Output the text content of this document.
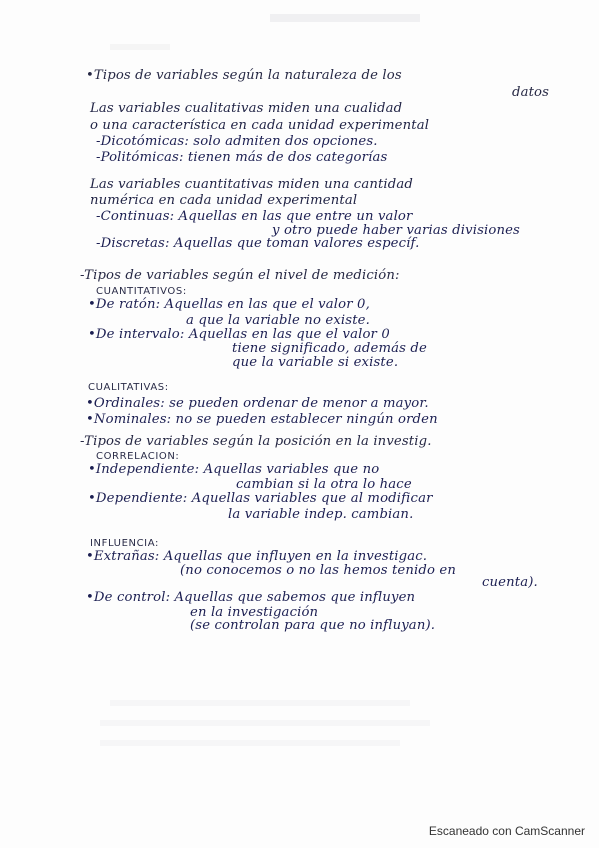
•Tipos de variables según la naturaleza de los
datos
Las variables cualitativas miden una cualidad
o una característica en cada unidad experimental
-Dicotómicas: solo admiten dos opciones.
-Politómicas: tienen más de dos categorías
Las variables cuantitativas miden una cantidad
numérica en cada unidad experimental
-Continuas: Aquellas en las que entre un valor
y otro puede haber varias divisiones
-Discretas: Aquellas que toman valores específ.
-Tipos de variables según el nivel de medición:
CUANTITATIVOS:
•De ratón: Aquellas en las que el valor 0,
a que la variable no existe.
•De intervalo: Aquellas en las que el valor 0
tiene significado, además de
que la variable si existe.
CUALITATIVAS:
•Ordinales: se pueden ordenar de menor a mayor.
•Nominales: no se pueden establecer ningún orden
-Tipos de variables según la posición en la investig.
CORRELACION:
•Independiente: Aquellas variables que no
cambian si la otra lo hace
•Dependiente: Aquellas variables que al modificar
la variable indep. cambian.
INFLUENCIA:
•Extrañas: Aquellas que influyen en la investigac.
(no conocemos o no las hemos tenido en
cuenta).
•De control: Aquellas que sabemos que influyen
en la investigación
(se controlan para que no influyan).
Escaneado con CamScanner
